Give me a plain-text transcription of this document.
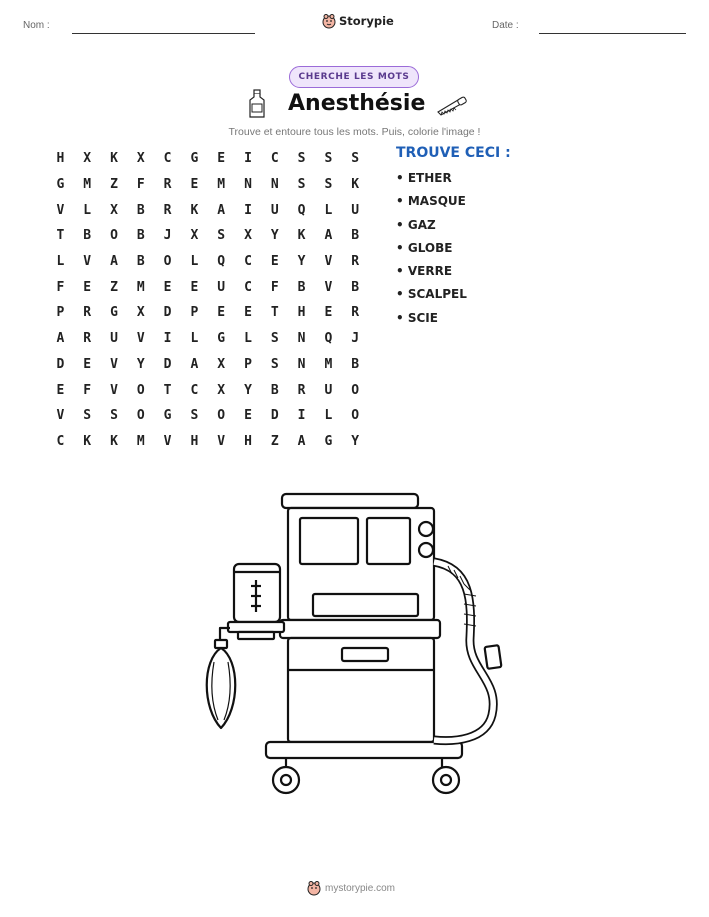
Nom :	Storypie	Date :
CHERCHE LES MOTS
Anesthésie
Trouve et entoure tous les mots. Puis, colorie l'image !
H	X	K	X	C	G	E	I	C	S	S	S
G	M	Z	F	R	E	M	N	N	S	S	K
V	L	X	B	R	K	A	I	U	Q	L	U
T	B	O	B	J	X	S	X	Y	K	A	B
L	V	A	B	O	L	Q	C	E	Y	V	R
F	E	Z	M	E	E	U	C	F	B	V	B
P	R	G	X	D	P	E	E	T	H	E	R
A	R	U	V	I	L	G	L	S	N	Q	J
D	E	V	Y	D	A	X	P	S	N	M	B
E	F	V	O	T	C	X	Y	B	R	U	O
V	S	S	O	G	S	O	E	D	I	L	O
C	K	K	M	V	H	V	H	Z	A	G	Y
TROUVE CECI :
• ETHER
• MASQUE
• GAZ
• GLOBE
• VERRE
• SCALPEL
• SCIE
mystorypie.com
